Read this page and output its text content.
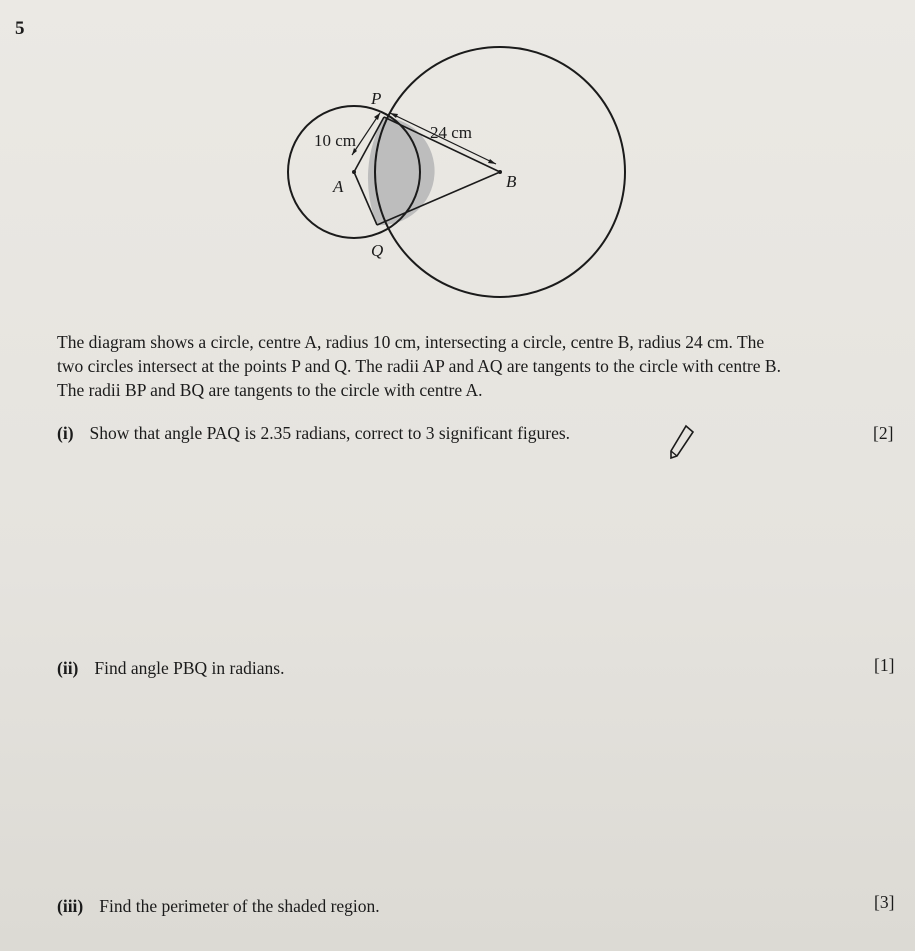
5
P
10 cm	24 cm
A	B
Q
The diagram shows a circle, centre A, radius 10 cm, intersecting a circle, centre B, radius 24 cm. The
two circles intersect at the points P and Q. The radii AP and AQ are tangents to the circle with centre B.
The radii BP and BQ are tangents to the circle with centre A.
(i) Show that angle PAQ is 2.35 radians, correct to 3 significant figures.	[2]
(ii) Find angle PBQ in radians.	[1]
(iii) Find the perimeter of the shaded region.	[3]
